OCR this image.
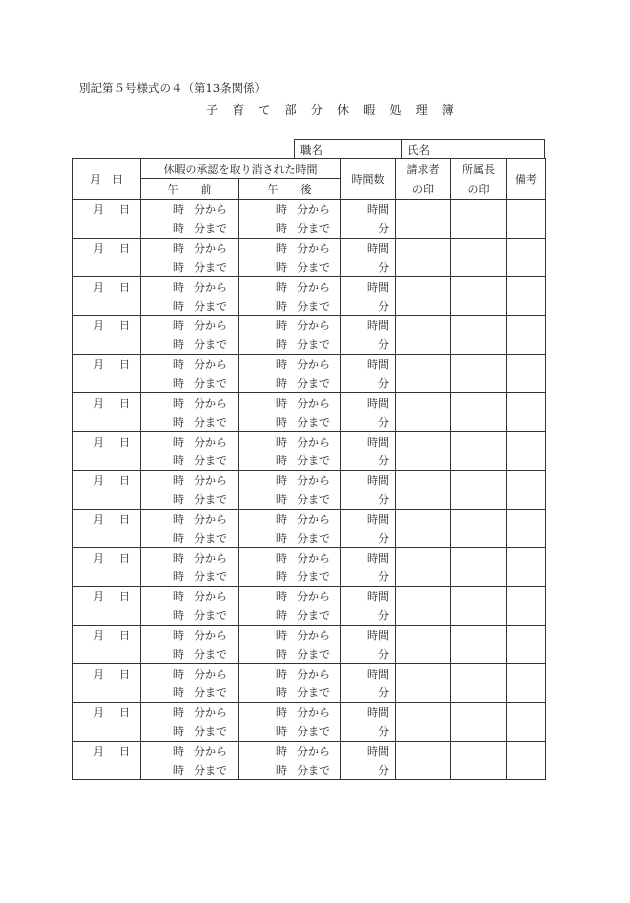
別記第５号様式の４（第13条関係）
子育て部分休暇処理簿
職名	氏名
月　日	休暇の承認を取り消された時間		時間数	請求者	所属長	備考
	午　　前	午　　後		の印	の印	
月　日	時 分から	時 分から	時間			
	時 分まで	時 分まで	分			
月　日	時 分から	時 分から	時間			
	時 分まで	時 分まで	分			
月　日	時 分から	時 分から	時間			
	時 分まで	時 分まで	分			
月　日	時 分から	時 分から	時間			
	時 分まで	時 分まで	分			
月　日	時 分から	時 分から	時間			
	時 分まで	時 分まで	分			
月　日	時 分から	時 分から	時間			
	時 分まで	時 分まで	分			
月　日	時 分から	時 分から	時間			
	時 分まで	時 分まで	分			
月　日	時 分から	時 分から	時間			
	時 分まで	時 分まで	分			
月　日	時 分から	時 分から	時間			
	時 分まで	時 分まで	分			
月　日	時 分から	時 分から	時間			
	時 分まで	時 分まで	分			
月　日	時 分から	時 分から	時間			
	時 分まで	時 分まで	分			
月　日	時 分から	時 分から	時間			
	時 分まで	時 分まで	分			
月　日	時 分から	時 分から	時間			
	時 分まで	時 分まで	分			
月　日	時 分から	時 分から	時間			
	時 分まで	時 分まで	分			
月　日	時 分から	時 分から	時間			
	時 分まで	時 分まで	分			
